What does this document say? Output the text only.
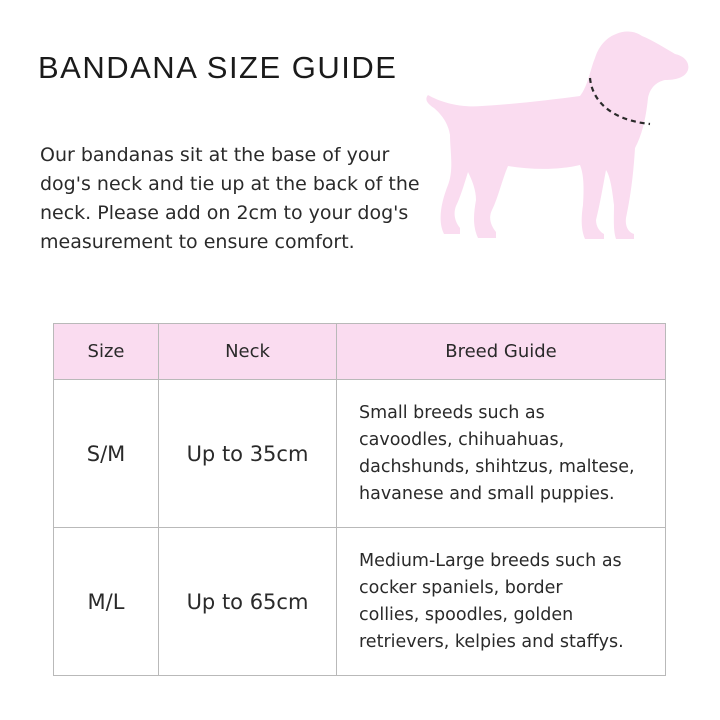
BANDANA SIZE GUIDE

Our bandanas sit at the base of your
dog's neck and tie up at the back of the
neck. Please add on 2cm to your dog's
measurement to ensure comfort.

Size	Neck	Breed Guide
S/M	Up to 35cm	Small breeds such as
cavoodles, chihuahuas,
dachshunds, shihtzus, maltese,
havanese and small puppies.

M/L	Up to 65cm	Medium-Large breeds such as
cocker spaniels, border
collies, spoodles, golden
retrievers, kelpies and staffys.
